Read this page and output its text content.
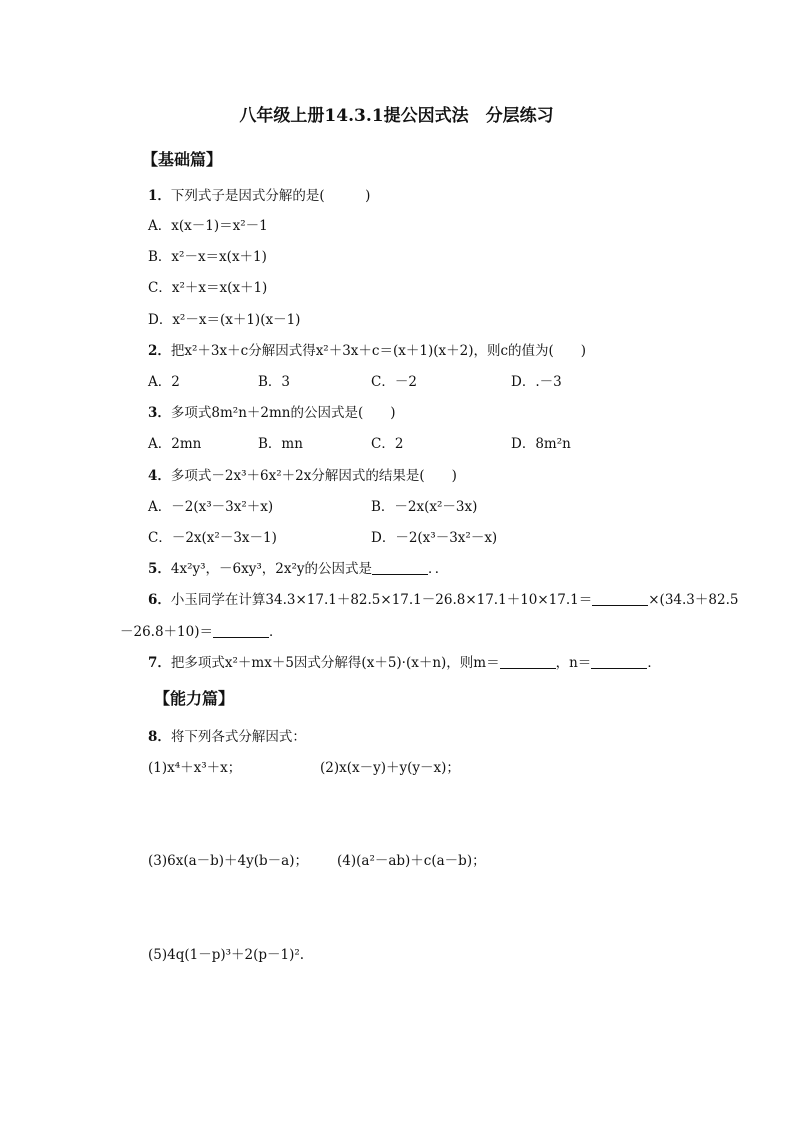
八年级上册14.3.1提公因式法　分层练习
【基础篇】
1．下列式子是因式分解的是(　　　)
A．x(x－1)＝x²－1
B．x²－x＝x(x＋1)
C．x²＋x＝x(x＋1)
D．x²－x＝(x＋1)(x－1)
2．把x²＋3x＋c分解因式得x²＋3x＋c＝(x＋1)(x＋2)，则c的值为(　　)
A．2	B．3	C．－2	D．.－3
3．多项式8m²n＋2mn的公因式是(　　)
A．2mn	B．mn	C．2	D．8m²n
4．多项式－2x³＋6x²＋2x分解因式的结果是(　　)
A．－2(x³－3x²＋x)	B．－2x(x²－3x)
C．－2x(x²－3x－1)	D．－2(x³－3x²－x)
5．4x²y³，－6xy³，2x²y的公因式是	．．
6．小玉同学在计算34.3×17.1＋82.5×17.1－26.8×17.1＋10×17.1＝	×(34.3＋82.5
－26.8＋10)＝	．
7．把多项式x²＋mx＋5因式分解得(x＋5)·(x＋n)，则m＝	，n＝	．
【能力篇】
8．将下列各式分解因式：
(1)x⁴＋x³＋x；	(2)x(x－y)＋y(y－x)；
(3)6x(a－b)＋4y(b－a)； (4)(a²－ab)＋c(a－b)；
(5)4q(1－p)³＋2(p－1)².
